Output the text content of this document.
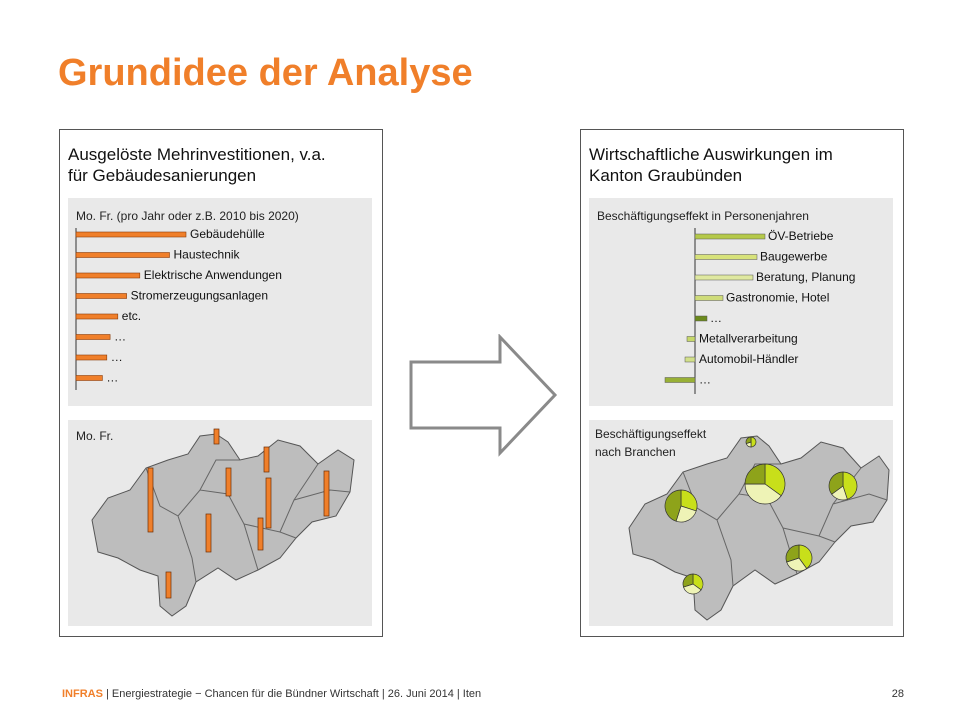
Grundidee der Analyse
Ausgelöste Mehrinvestitionen, v.a.
für Gebäudesanierungen
Mo. Fr. (pro Jahr oder z.B. 2010 bis 2020)
Gebäudehülle
Haustechnik
Elektrische Anwendungen
Stromerzeugungsanlagen
etc.
…
…
…
Mo. Fr.
Wirtschaftliche Auswirkungen im
Kanton Graubünden
Beschäftigungseffekt in Personenjahren
ÖV-Betriebe
Baugewerbe
Beratung, Planung
Gastronomie, Hotel
…
Metallverarbeitung
Automobil-Händler
…
Beschäftigungseffekt
nach Branchen
INFRAS | Energiestrategie − Chancen für die Bündner Wirtschaft | 26. Juni 2014 | Iten	28
